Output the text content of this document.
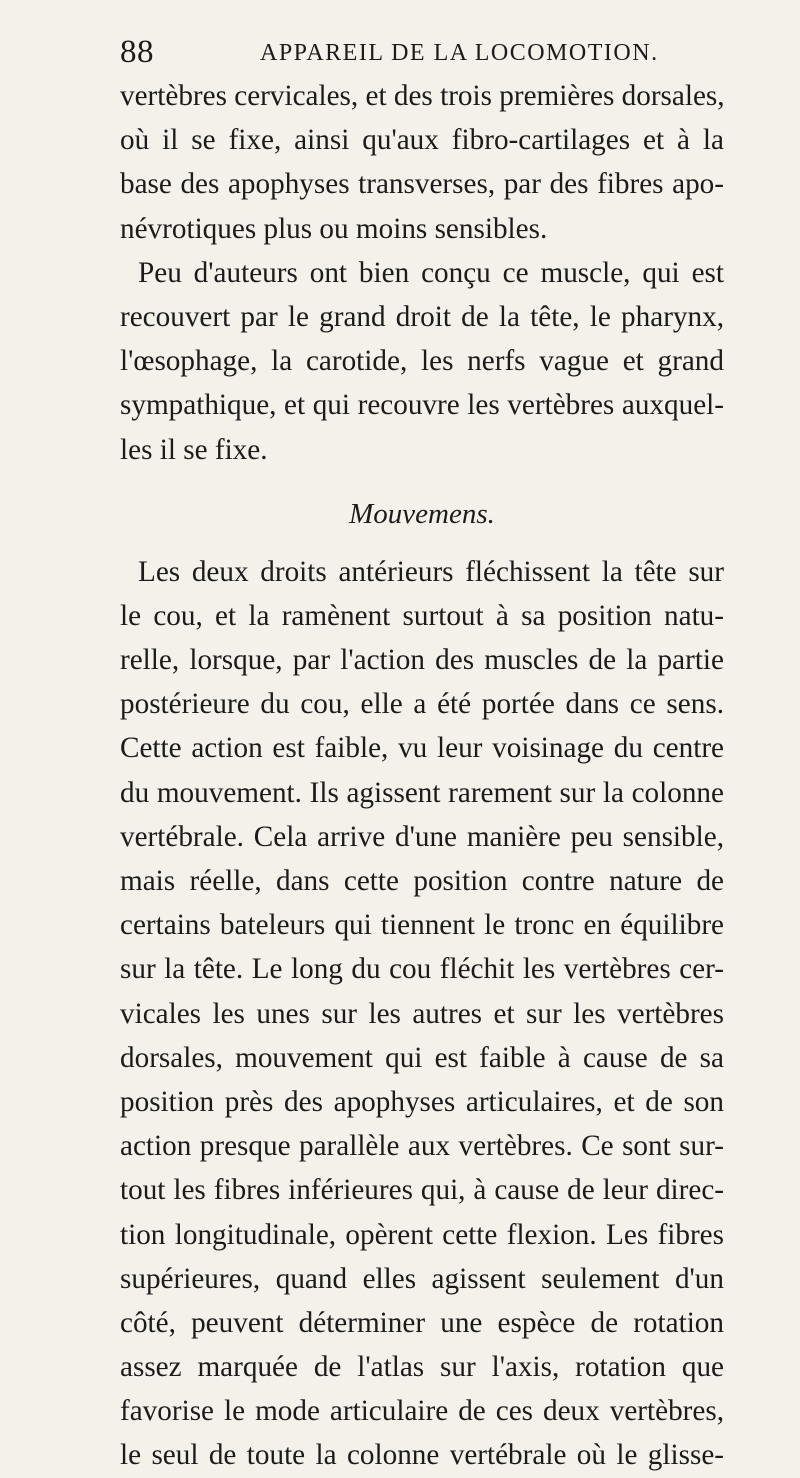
88	APPAREIL DE LA LOCOMOTION.
vertèbres cervicales, et des trois premières dorsales,
où il se fixe, ainsi qu'aux fibro-cartilages et à la
base des apophyses transverses, par des fibres apo-
névrotiques plus ou moins sensibles.
Peu d'auteurs ont bien conçu ce muscle, qui est
recouvert par le grand droit de la tête, le pharynx,
l'œsophage, la carotide, les nerfs vague et grand
sympathique, et qui recouvre les vertèbres auxquel-
les il se fixe.
Mouvemens.
Les deux droits antérieurs fléchissent la tête sur
le cou, et la ramènent surtout à sa position natu-
relle, lorsque, par l'action des muscles de la partie
postérieure du cou, elle a été portée dans ce sens.
Cette action est faible, vu leur voisinage du centre
du mouvement. Ils agissent rarement sur la colonne
vertébrale. Cela arrive d'une manière peu sensible,
mais réelle, dans cette position contre nature de
certains bateleurs qui tiennent le tronc en équilibre
sur la tête. Le long du cou fléchit les vertèbres cer-
vicales les unes sur les autres et sur les vertèbres
dorsales, mouvement qui est faible à cause de sa
position près des apophyses articulaires, et de son
action presque parallèle aux vertèbres. Ce sont sur-
tout les fibres inférieures qui, à cause de leur direc-
tion longitudinale, opèrent cette flexion. Les fibres
supérieures, quand elles agissent seulement d'un
côté, peuvent déterminer une espèce de rotation
assez marquée de l'atlas sur l'axis, rotation que
favorise le mode articulaire de ces deux vertèbres,
le seul de toute la colonne vertébrale où le glisse-
